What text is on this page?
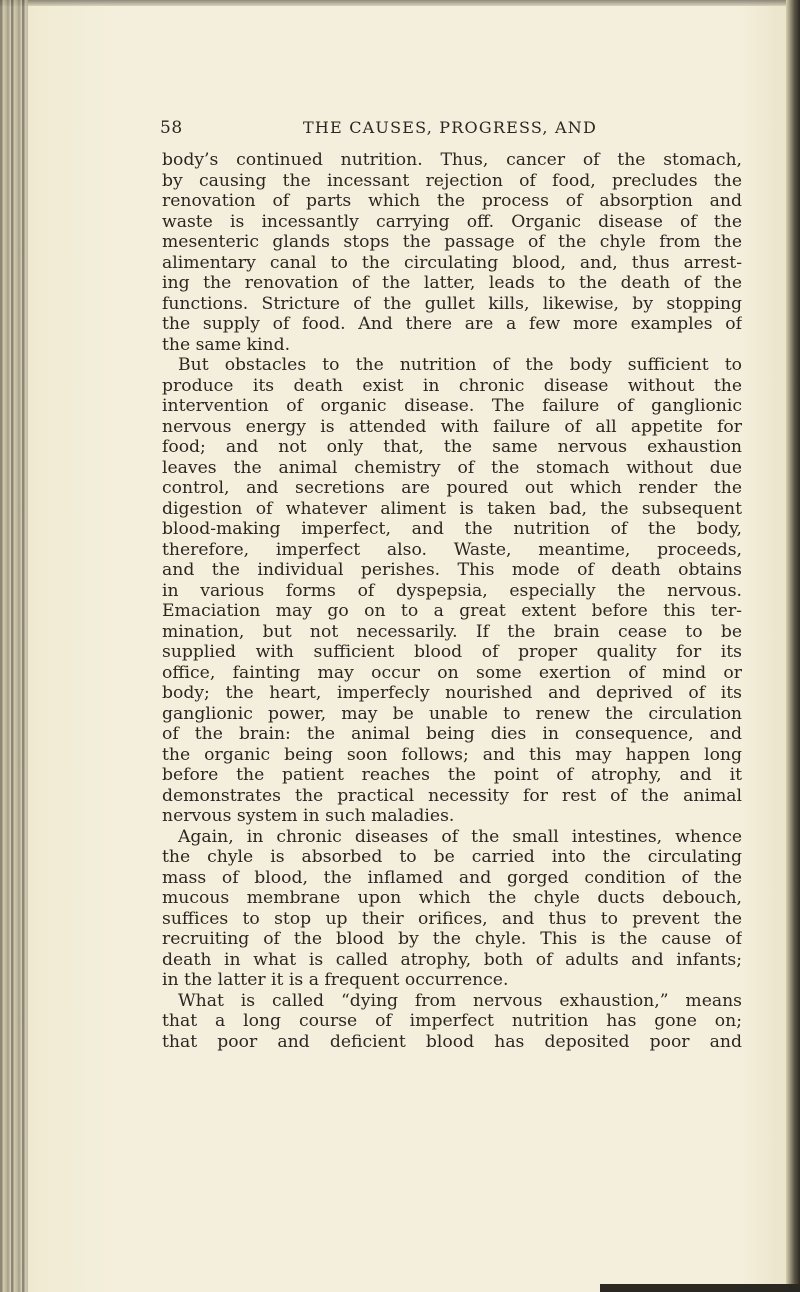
58	THE CAUSES, PROGRESS, AND
body’s continued nutrition. Thus, cancer of the stomach,
by causing the incessant rejection of food, precludes the
renovation of parts which the process of absorption and
waste is incessantly carrying off. Organic disease of the
mesenteric glands stops the passage of the chyle from the
alimentary canal to the circulating blood, and, thus arrest-
ing the renovation of the latter, leads to the death of the
functions. Stricture of the gullet kills, likewise, by stopping
the supply of food. And there are a few more examples of
the same kind.
But obstacles to the nutrition of the body sufficient to
produce its death exist in chronic disease without the
intervention of organic disease. The failure of ganglionic
nervous energy is attended with failure of all appetite for
food; and not only that, the same nervous exhaustion
leaves the animal chemistry of the stomach without due
control, and secretions are poured out which render the
digestion of whatever aliment is taken bad, the subsequent
blood-making imperfect, and the nutrition of the body,
therefore, imperfect also. Waste, meantime, proceeds,
and the individual perishes. This mode of death obtains
in various forms of dyspepsia, especially the nervous.
Emaciation may go on to a great extent before this ter-
mination, but not necessarily. If the brain cease to be
supplied with sufficient blood of proper quality for its
office, fainting may occur on some exertion of mind or
body; the heart, imperfecly nourished and deprived of its
ganglionic power, may be unable to renew the circulation
of the brain: the animal being dies in consequence, and
the organic being soon follows; and this may happen long
before the patient reaches the point of atrophy, and it
demonstrates the practical necessity for rest of the animal
nervous system in such maladies.
Again, in chronic diseases of the small intestines, whence
the chyle is absorbed to be carried into the circulating
mass of blood, the inflamed and gorged condition of the
mucous membrane upon which the chyle ducts debouch,
suffices to stop up their orifices, and thus to prevent the
recruiting of the blood by the chyle. This is the cause of
death in what is called atrophy, both of adults and infants;
in the latter it is a frequent occurrence.
What is called “dying from nervous exhaustion,” means
that a long course of imperfect nutrition has gone on;
that poor and deficient blood has deposited poor and
